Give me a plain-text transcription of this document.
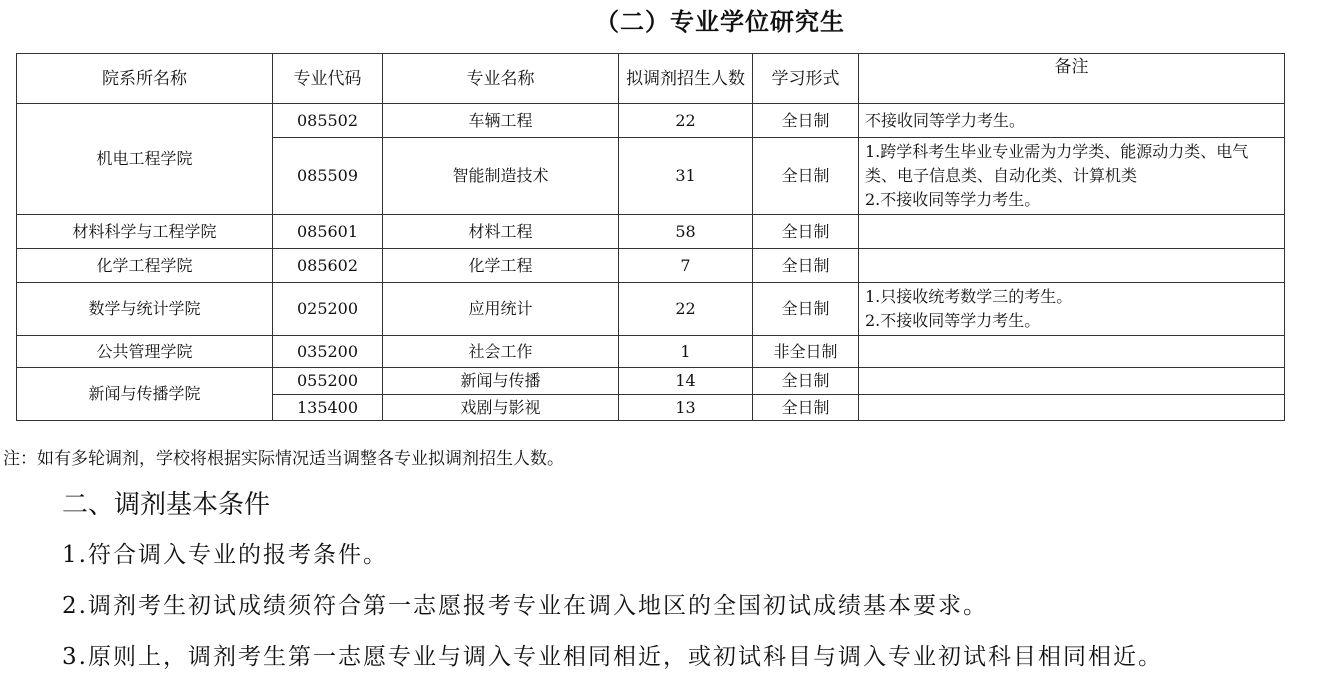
（二）专业学位研究生
院系所名称	专业代码	专业名称	拟调剂招生人数	学习形式	备注
机电工程学院	085502	车辆工程	22	全日制	不接收同等学力考生。

	085509	智能制造技术	31	全日制	1.跨学科考生毕业专业需为力学类、能源动力类、电气类、电子信息类、自动化类、计算机类
2.不接收同等学力考生。

材料科学与工程学院	085601	材料工程	58	全日制	
化学工程学院	085602	化学工程	7	全日制	
数学与统计学院	025200	应用统计	22	全日制	1.只接收统考数学三的考生。
2.不接收同等学力考生。

公共管理学院	035200	社会工作	1	非全日制	
新闻与传播学院	055200	新闻与传播	14	全日制	
	135400	戏剧与影视	13	全日制	
注：如有多轮调剂，学校将根据实际情况适当调整各专业拟调剂招生人数。
二、调剂基本条件
1.符合调入专业的报考条件。
2.调剂考生初试成绩须符合第一志愿报考专业在调入地区的全国初试成绩基本要求。
3.原则上，调剂考生第一志愿专业与调入专业相同相近，或初试科目与调入专业初试科目相同相近。
